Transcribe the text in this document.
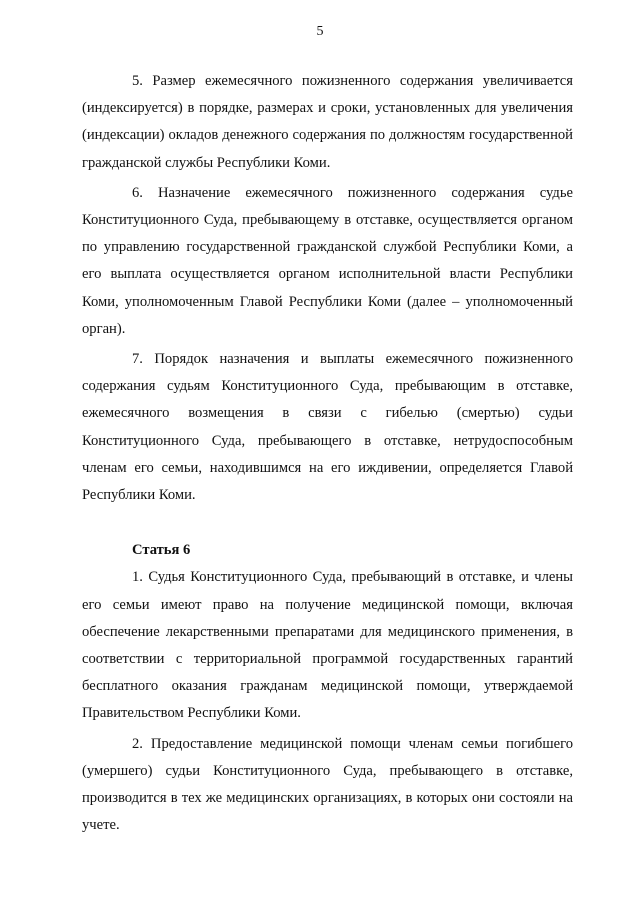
5

5. Размер ежемесячного пожизненного содержания увеличивается (индексируется) в порядке, размерах и сроки, установленных для увеличения (индексации) окладов денежного содержания по должностям государственной гражданской службы Республики Коми.

6. Назначение ежемесячного пожизненного содержания судье Конституционного Суда, пребывающему в отставке, осуществляется органом по управлению государственной гражданской службой Республики Коми, а его выплата осуществляется органом исполнительной власти Республики Коми, уполномоченным Главой Республики Коми (далее – уполномоченный орган).

7. Порядок назначения и выплаты ежемесячного пожизненного содержания судьям Конституционного Суда, пребывающим в отставке, ежемесячного возмещения в связи с гибелью (смертью) судьи Конституционного Суда, пребывающего в отставке, нетрудоспособным членам его семьи, находившимся на его иждивении, определяется Главой Республики Коми.

Статья 6

1. Судья Конституционного Суда, пребывающий в отставке, и члены его семьи имеют право на получение медицинской помощи, включая обеспечение лекарственными препаратами для медицинского применения, в соответствии с территориальной программой государственных гарантий бесплатного оказания гражданам медицинской помощи, утверждаемой Правительством Республики Коми.

2. Предоставление медицинской помощи членам семьи погибшего (умершего) судьи Конституционного Суда, пребывающего в отставке, производится в тех же медицинских организациях, в которых они состояли на учете.
